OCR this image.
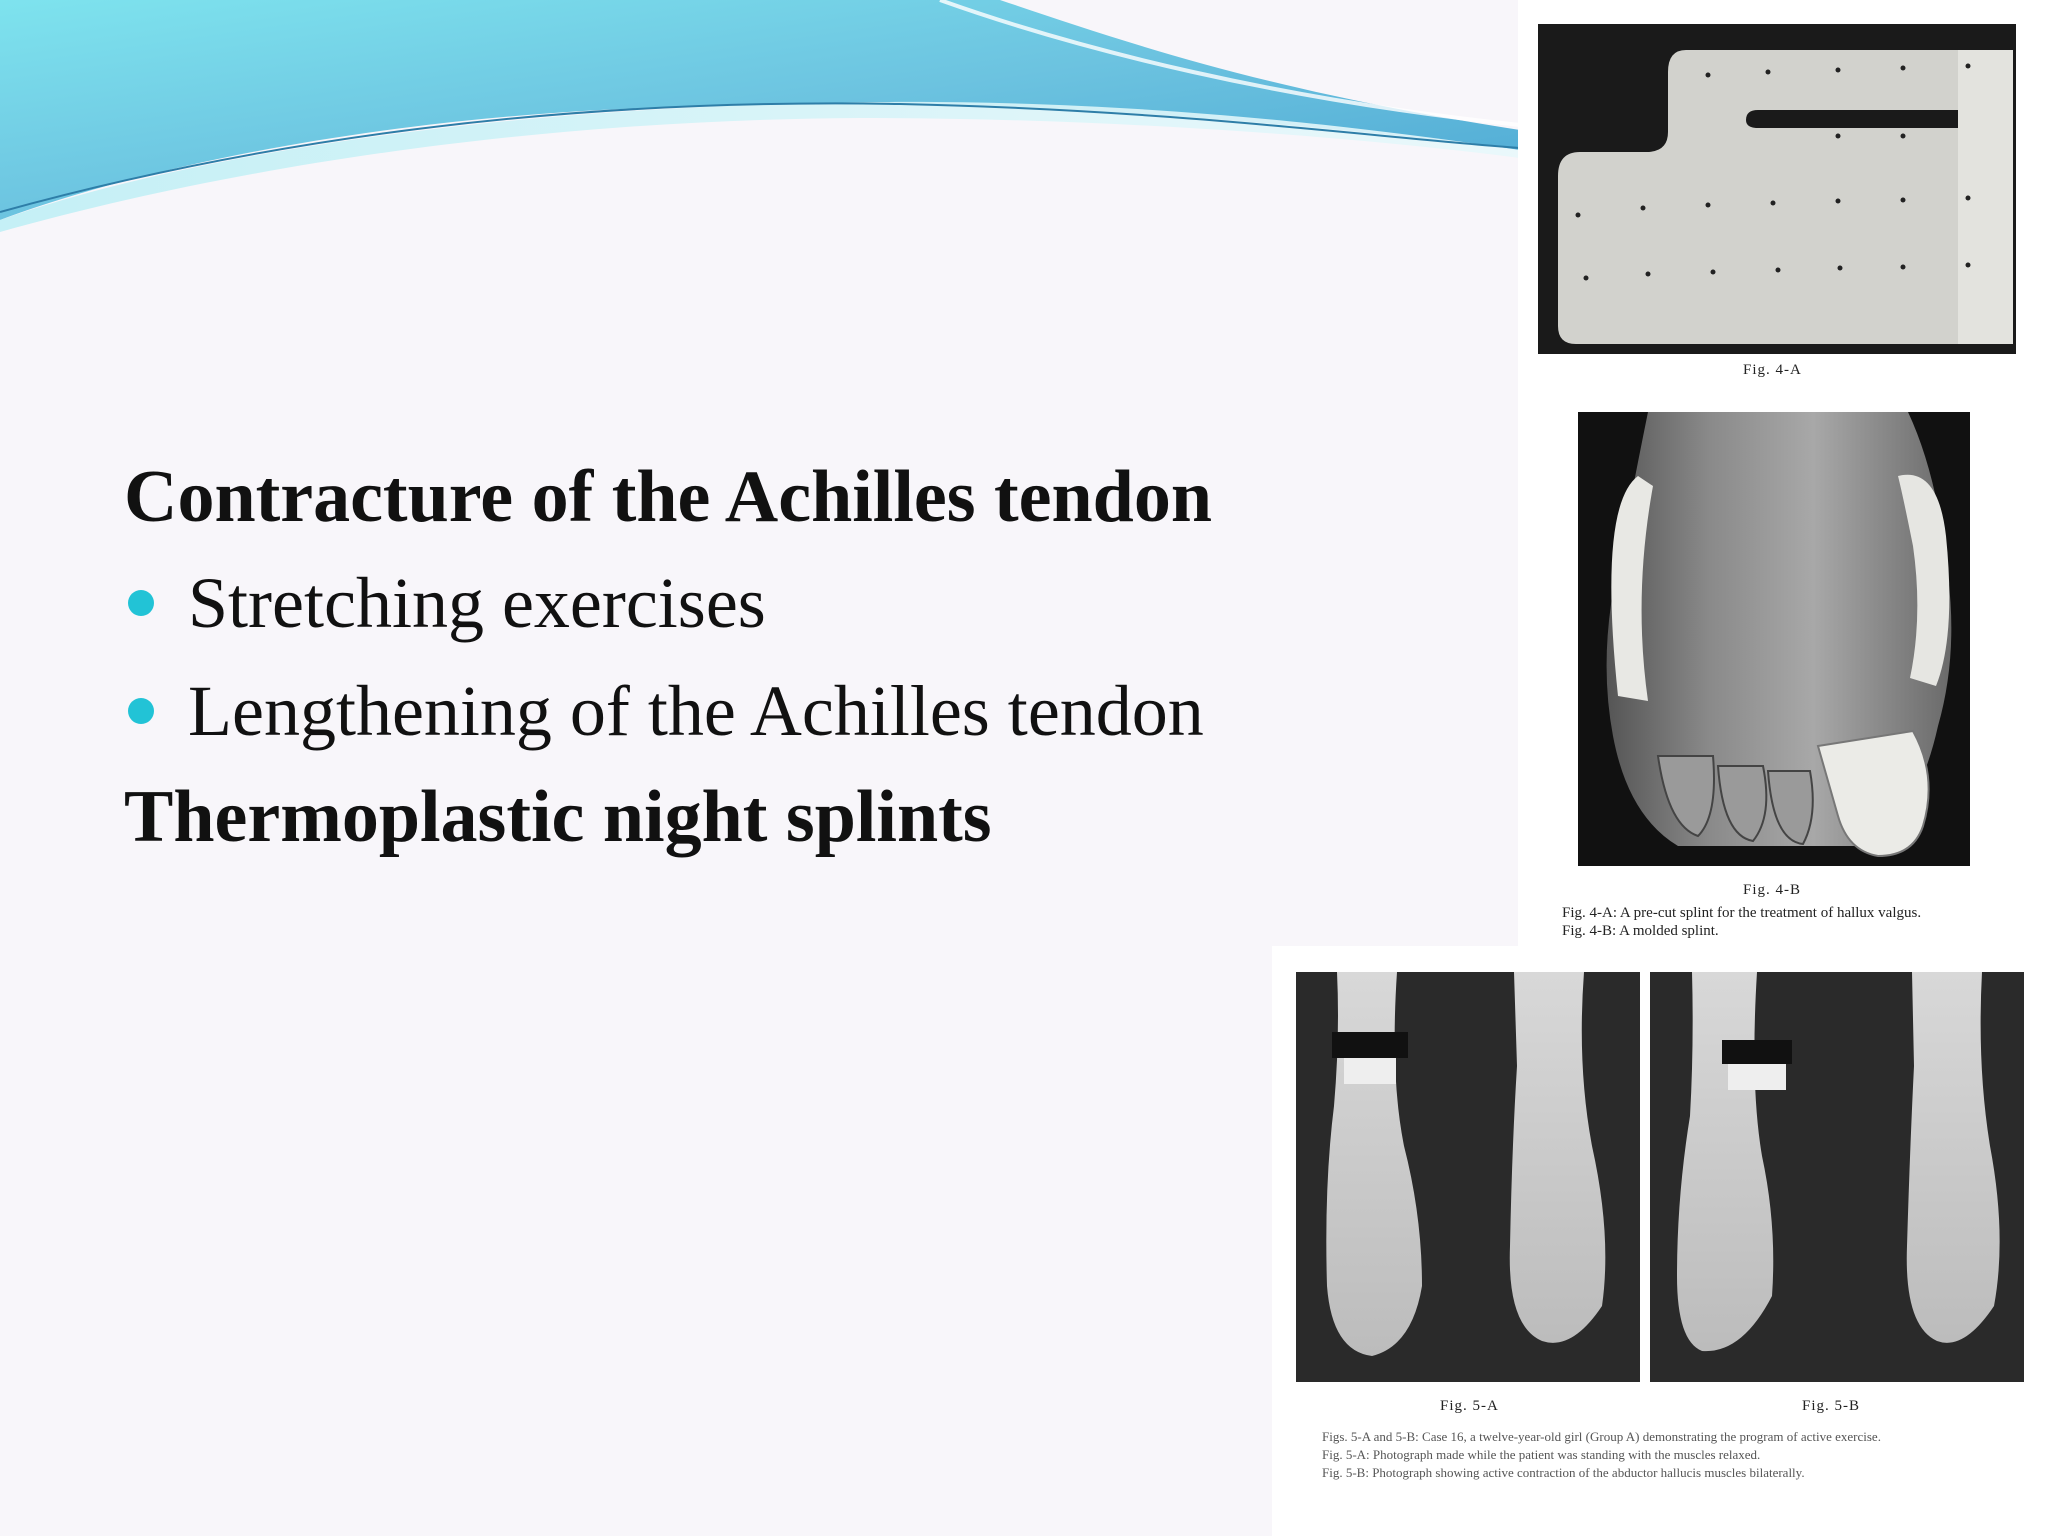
Contracture of the Achilles tendon

Stretching exercises
Lengthening of the Achilles tendon

Thermoplastic night splints

Fig. 4-A
Fig. 4-B
Fig. 4-A: A pre-cut splint for the treatment of hallux valgus.
Fig. 4-B: A molded splint.
Fig. 5-A	Fig. 5-B
Figs. 5-A and 5-B: Case 16, a twelve-year-old girl (Group A) demonstrating the program of active exercise.
Fig. 5-A: Photograph made while the patient was standing with the muscles relaxed.
Fig. 5-B: Photograph showing active contraction of the abductor hallucis muscles bilaterally.
